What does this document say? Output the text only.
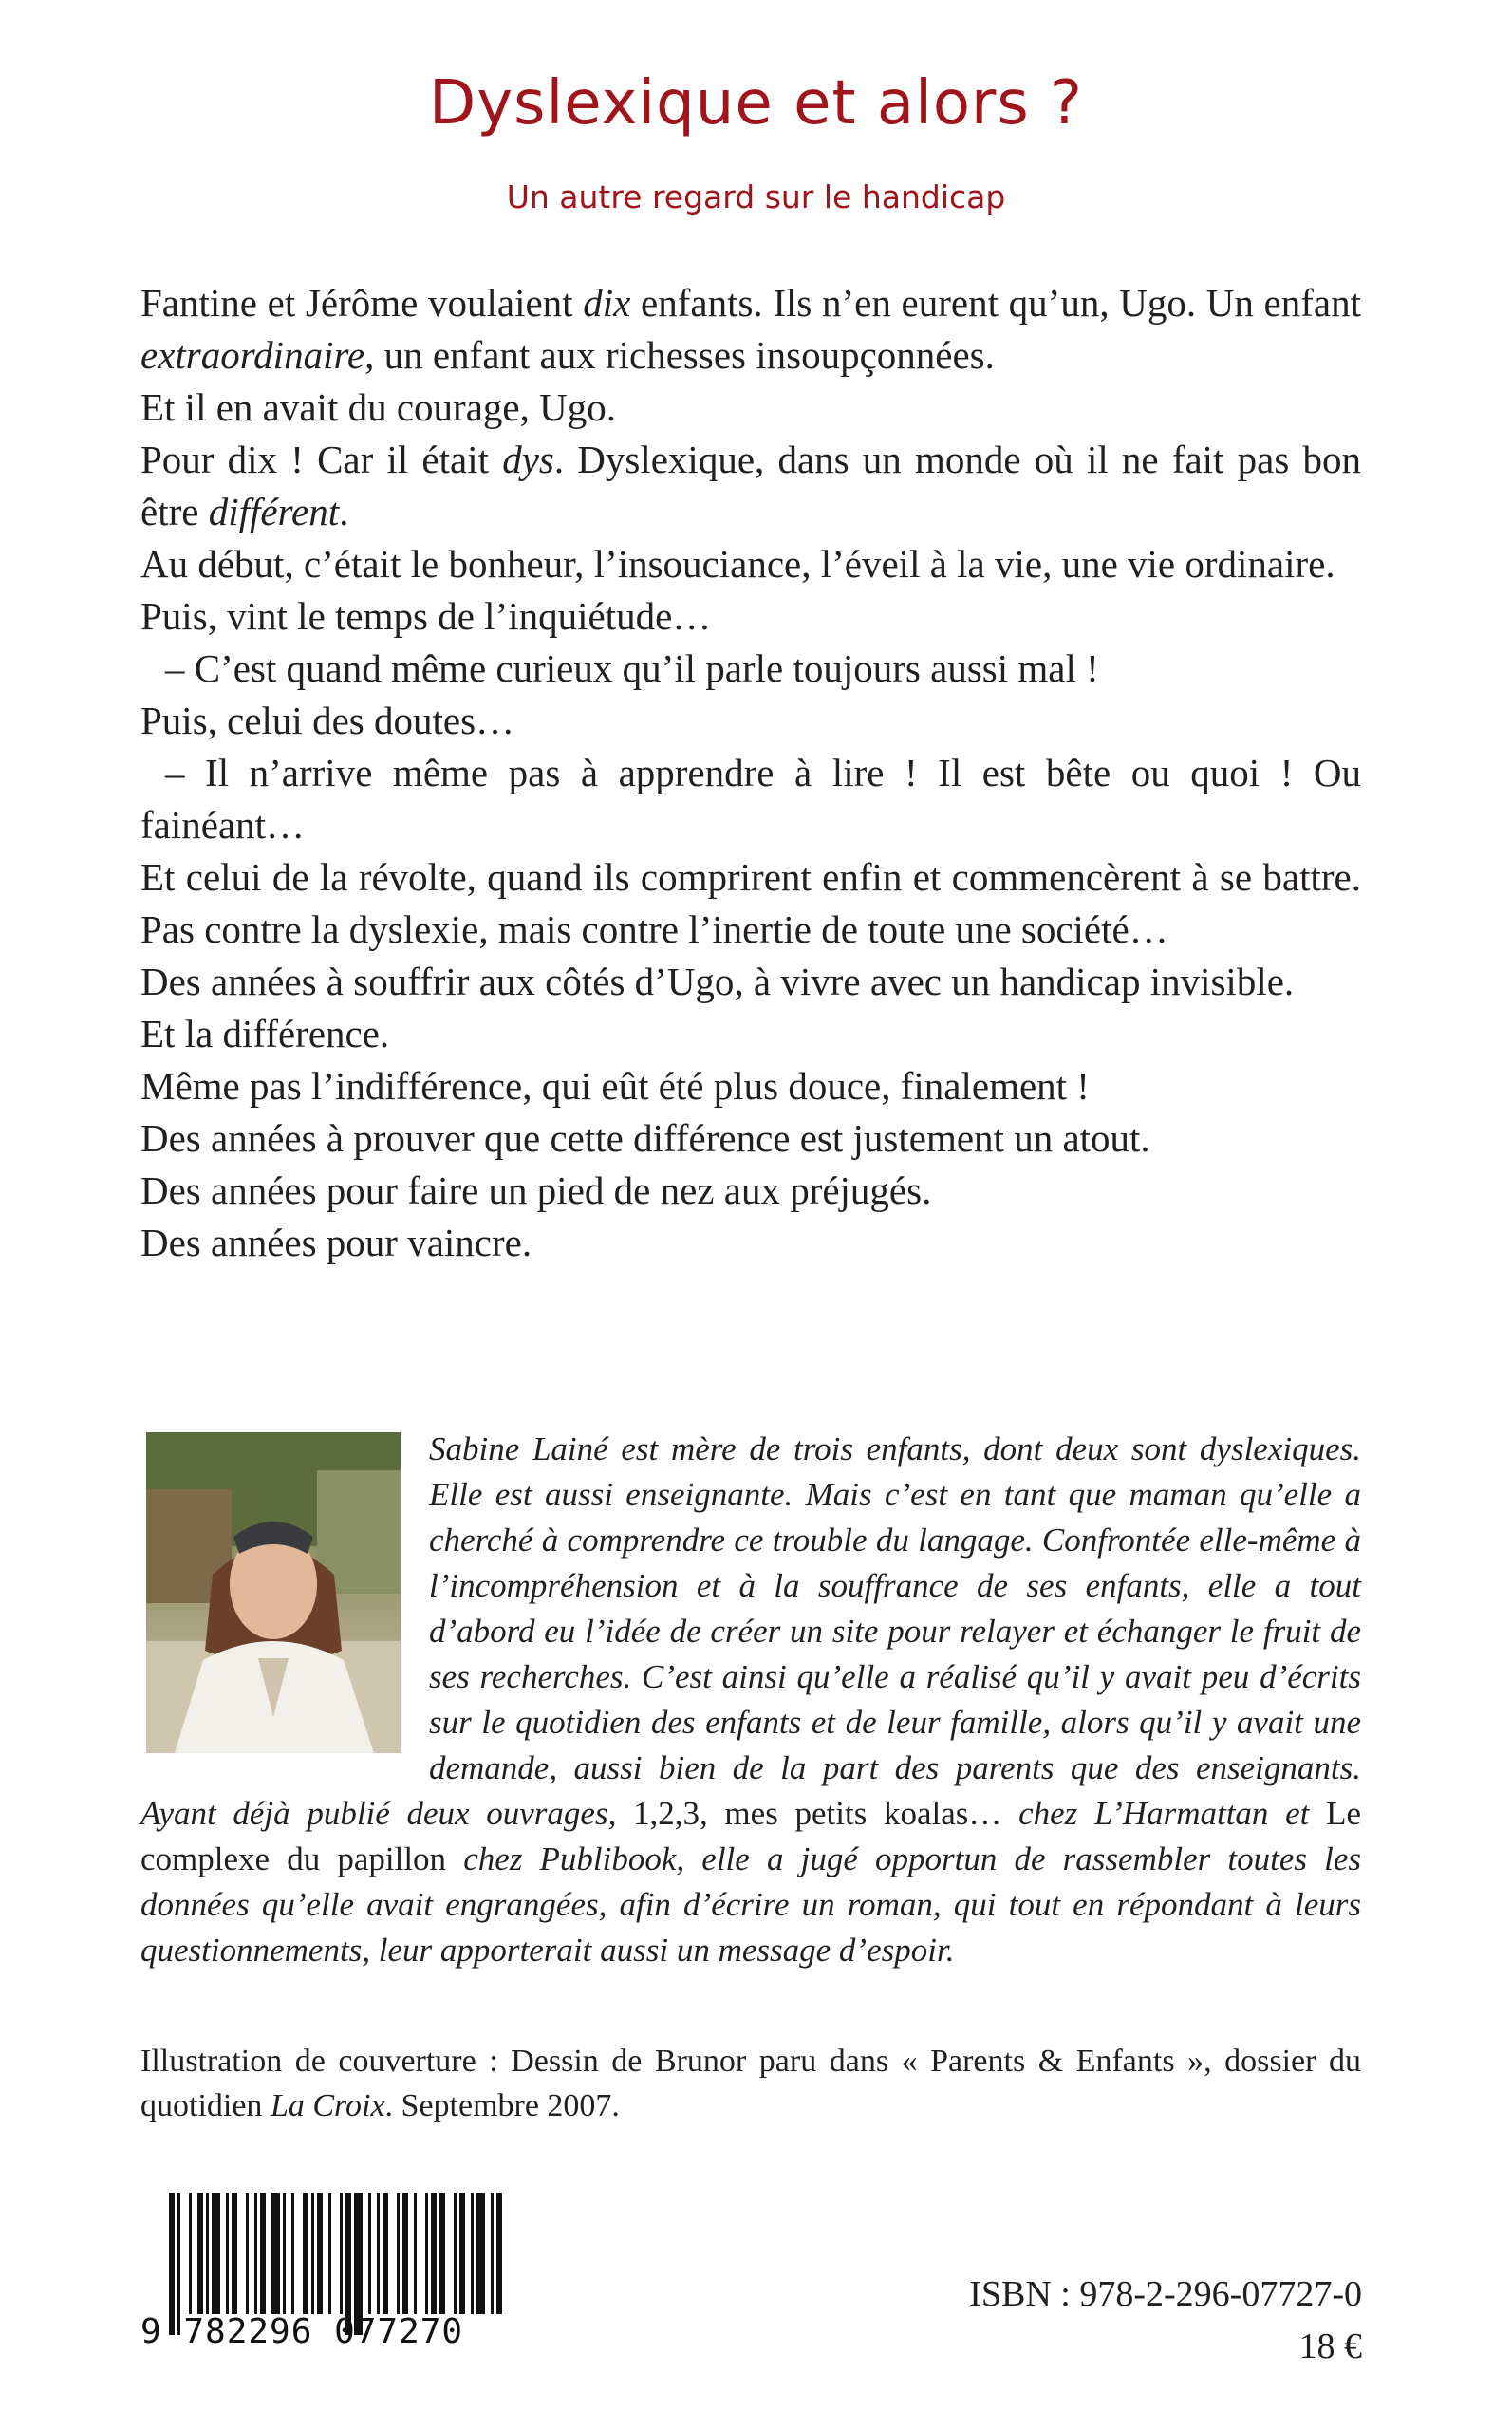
Dyslexique et alors ?
Un autre regard sur le handicap

Fantine et Jérôme voulaient dix enfants. Ils n’en eurent qu’un, Ugo. Un enfant extraordinaire, un enfant aux richesses insoupçonnées.

Et il en avait du courage, Ugo.

Pour dix ! Car il était dys. Dyslexique, dans un monde où il ne fait pas bon être différent.

Au début, c’était le bonheur, l’insouciance, l’éveil à la vie, une vie ordinaire.

Puis, vint le temps de l’inquiétude…

– C’est quand même curieux qu’il parle toujours aussi mal !

Puis, celui des doutes…

– Il n’arrive même pas à apprendre à lire ! Il est bête ou quoi ! Ou fainéant…

Et celui de la révolte, quand ils comprirent enfin et commencèrent à se battre. Pas contre la dyslexie, mais contre l’inertie de toute une société…

Des années à souffrir aux côtés d’Ugo, à vivre avec un handicap invisible.

Et la différence.

Même pas l’indifférence, qui eût été plus douce, finalement !

Des années à prouver que cette différence est justement un atout.

Des années pour faire un pied de nez aux préjugés.

Des années pour vaincre.

Sabine Lainé est mère de trois enfants, dont deux sont dyslexiques. Elle est aussi enseignante. Mais c’est en tant que maman qu’elle a cherché à comprendre ce trouble du langage. Confrontée elle-même à l’incompréhension et à la souffrance de ses enfants, elle a tout d’abord eu l’idée de créer un site pour relayer et échanger le fruit de ses recherches. C’est ainsi qu’elle a réalisé qu’il y avait peu d’écrits sur le quotidien des enfants et de leur famille, alors qu’il y avait une demande, aussi bien de la part des parents que des enseignants. Ayant déjà publié deux ouvrages, 1,2,3, mes petits koalas… chez L’Harmattan et Le complexe du papillon chez Publibook, elle a jugé opportun de rassembler toutes les données qu’elle avait engrangées, afin d’écrire un roman, qui tout en répondant à leurs questionnements, leur apporterait aussi un message d’espoir.
Illustration de couverture : Dessin de Brunor paru dans « Parents & Enfants », dossier du quotidien La Croix. Septembre 2007.
9 782296 077270
ISBN : 978-2-296-07727-0
18 €
